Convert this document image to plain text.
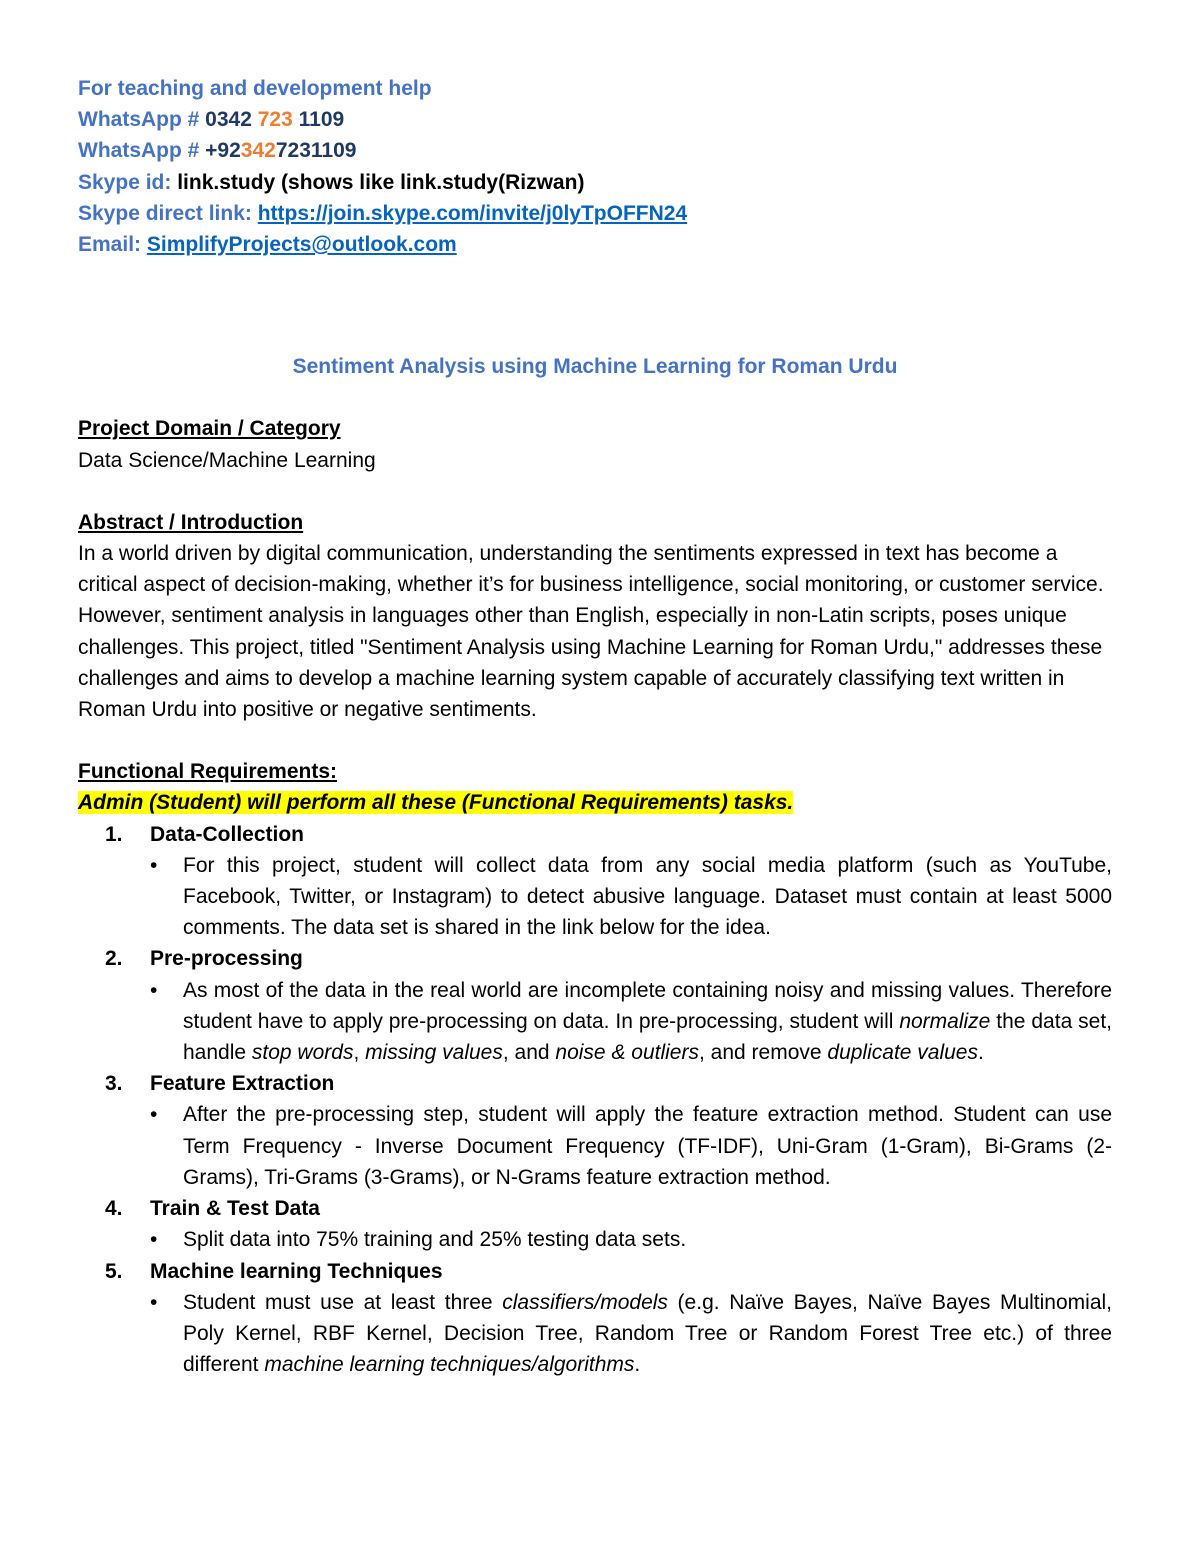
For teaching and development help
WhatsApp # 0342 723 1109
WhatsApp # +923427231109
Skype id: link.study (shows like link.study(Rizwan)
Skype direct link: https://join.skype.com/invite/j0lyTpOFFN24
Email: SimplifyProjects@outlook.com
Sentiment Analysis using Machine Learning for Roman Urdu
Project Domain / Category

Data Science/Machine Learning

Abstract / Introduction

In a world driven by digital communication, understanding the sentiments expressed in text has become a critical aspect of decision-making, whether it’s for business intelligence, social monitoring, or customer service. However, sentiment analysis in languages other than English, especially in non-Latin scripts, poses unique challenges. This project, titled "Sentiment Analysis using Machine Learning for Roman Urdu," addresses these challenges and aims to develop a machine learning system capable of accurately classifying text written in Roman Urdu into positive or negative sentiments.

Functional Requirements:
Admin (Student) will perform all these (Functional Requirements) tasks.
1. Data-Collection
• For this project, student will collect data from any social media platform (such as YouTube, Facebook, Twitter, or Instagram) to detect abusive language. Dataset must contain at least 5000 comments. The data set is shared in the link below for the idea.
2. Pre-processing
• As most of the data in the real world are incomplete containing noisy and missing values. Therefore student have to apply pre-processing on data. In pre-processing, student will normalize the data set, handle stop words, missing values, and noise & outliers, and remove duplicate values.
3. Feature Extraction
• After the pre-processing step, student will apply the feature extraction method. Student can use Term Frequency - Inverse Document Frequency (TF-IDF), Uni-Gram (1-Gram), Bi-Grams (2-Grams), Tri-Grams (3-Grams), or N-Grams feature extraction method.
4. Train & Test Data
• Split data into 75% training and 25% testing data sets.
5. Machine learning Techniques
• Student must use at least three classifiers/models (e.g. Naïve Bayes, Naïve Bayes Multinomial, Poly Kernel, RBF Kernel, Decision Tree, Random Tree or Random Forest Tree etc.) of three different machine learning techniques/algorithms.
